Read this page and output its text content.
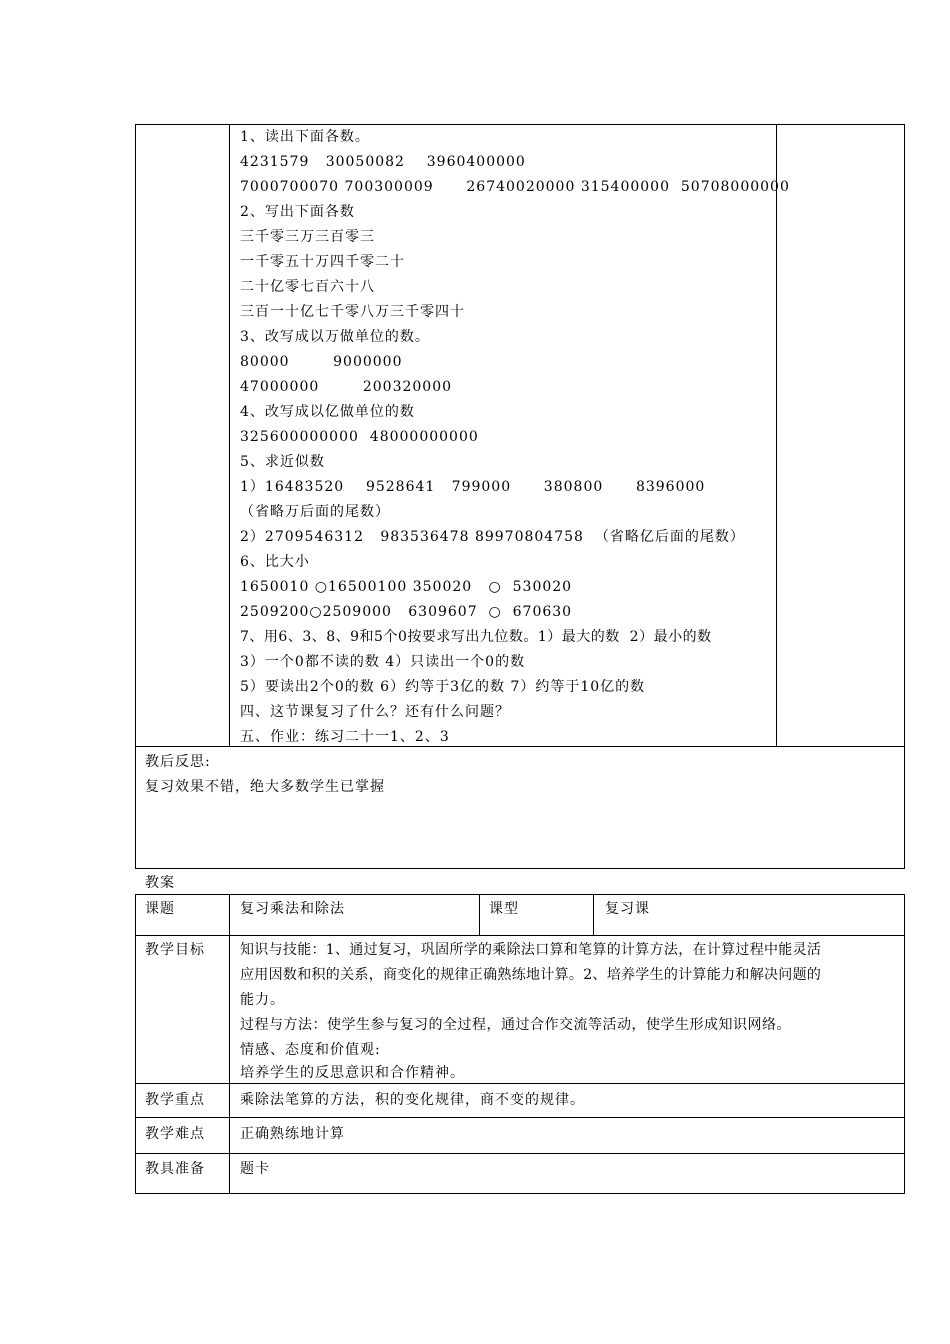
1、读出下面各数。
4231579   30050082    3960400000
7000700070 700300009      26740020000 315400000  50708000000
2、写出下面各数
三千零三万三百零三
一千零五十万四千零二十
二十亿零七百六十八
三百一十亿七千零八万三千零四十
3、改写成以万做单位的数。
80000        9000000
47000000        200320000
4、改写成以亿做单位的数
325600000000  48000000000
5、求近似数
1）16483520    9528641   799000      380800      8396000
（省略万后面的尾数）
2）2709546312   983536478 89970804758  （省略亿后面的尾数）
6、比大小
1650010 ○16500100 350020   ○  530020
2509200○2509000   6309607  ○  670630
7、用6、3、8、9和5个0按要求写出九位数。1）最大的数  2）最小的数
3）一个0都不读的数 4）只读出一个0的数
5）要读出2个0的数 6）约等于3亿的数 7）约等于10亿的数
四、这节课复习了什么？还有什么问题？
五、作业：练习二十一1、2、3
教后反思:
复习效果不错，绝大多数学生已掌握
教案
课题	复习乘法和除法	课型	复习课
教学目标	知识与技能：1、通过复习，巩固所学的乘除法口算和笔算的计算方法，在计算过程中能灵活
应用因数和积的关系，商变化的规律正确熟练地计算。2、培养学生的计算能力和解决问题的
能力。
过程与方法：使学生参与复习的全过程，通过合作交流等活动，使学生形成知识网络。
情感、态度和价值观:
培养学生的反思意识和合作精神。
教学重点	乘除法笔算的方法，积的变化规律，商不变的规律。
教学难点	正确熟练地计算
教具准备	题卡
